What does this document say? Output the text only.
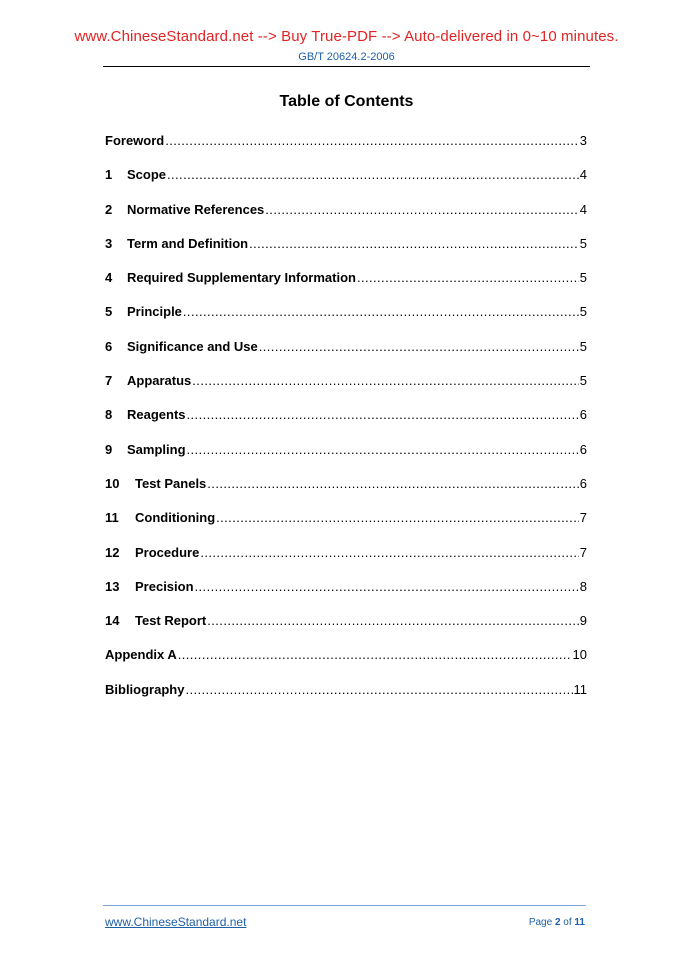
www.ChineseStandard.net --> Buy True-PDF --> Auto-delivered in 0~10 minutes.
GB/T 20624.2-2006
Table of Contents
Foreword .....	3
1	Scope .....	4
2	Normative References .....	4
3	Term and Definition .....	5
4	Required Supplementary Information .....	5
5	Principle .....	5
6	Significance and Use .....	5
7	Apparatus .....	5
8	Reagents .....	6
9	Sampling .....	6
10	Test Panels .....	6
11	Conditioning .....	7
12	Procedure .....	7
13	Precision .....	8
14	Test Report .....	9
Appendix A .....	10
Bibliography .....	11
www.ChineseStandard.net	Page 2 of 11
